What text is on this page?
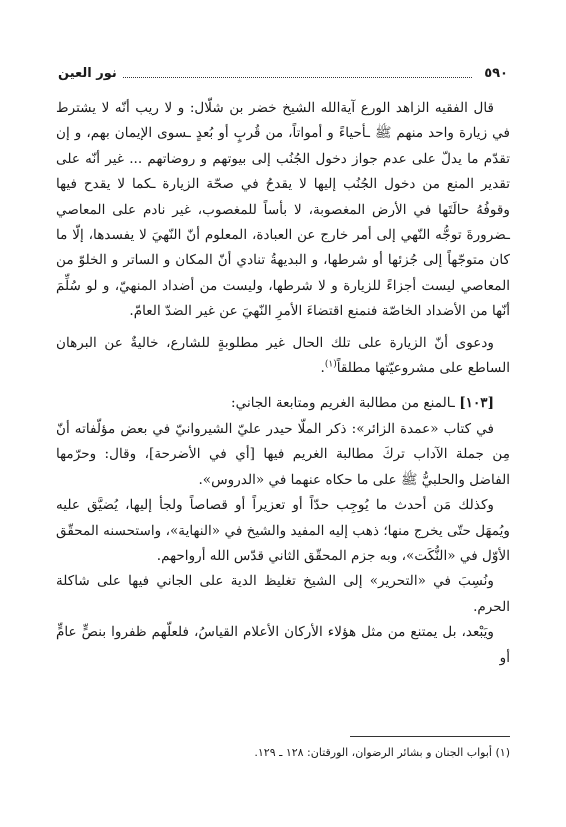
٥٩٠
نور العين

قال الفقيه الزاهد الورع آية‌الله الشيخ خضر بن شلّال: و لا ريب أنّه لا يشترط في زيارة واحد منهم ﷺ ـأحياءً و أمواتاً، من قُربٍ أو بُعدٍ ـسوى الإيمان بهم، و إن تقدّم ما يدلّ على عدم جواز دخول الجُنُب إلى بيوتهم و روضاتهم ... غير أنّه على تقدير المنع من دخول الجُنُب إليها لا يقدحُ في صحّة الزيارة ـكما لا يقدح فيها وقوفُهُ حالَتَها في الأرض المغصوبة، لا بأساً للمغصوب، غير نادم على المعاصي ـضرورةَ توجُّه النّهي إلى أمر خارج عن العبادة، المعلوم أنّ النّهيَ لا يفسدها، إلّا ما كان متوجّهاً إلى جُزئها أو شرطها، و البديهةُ تنادي أنّ المكان و الساتر و الخلوّ من المعاصي ليست أجزاءً للزيارة و لا شرطها، وليست من أضداد المنهيّ، و لو سُلِّمَ أنّها من الأضداد الخاصّة فنمنع اقتضاءَ الأمرِ النّهيَ عن غير الضدّ العامّ.

ودعوى أنّ الزيارة على تلك الحال غير مطلوبةٍ للشارع، خاليةٌ عن البرهان الساطع على مشروعيّتها مطلقاً$^{(١)}$.

[١٠٣] ـالمنع من مطالبة الغريم ومتابعة الجاني:

في كتاب «عمدة الزائر»: ذكر الملّا حيدر عليّ الشيروانيّ في بعض مؤلّفاته أنّ مِن جملة الآداب تركَ مطالبة الغريم فيها [أي في الأضرحة]، وقال: وحرّمها الفاضل والحلبيُّ ﷺ على ما حكاه عنهما في «الدروس».

وكذلك مَن أحدث ما يُوجِب حدّاً أو تعزيراً أو قصاصاً ولجأ إليها، يُضيَّق عليه ويُمهَل حتّى يخرج منها؛ ذهب إليه المفيد والشيخ في «النهاية»، واستحسنه المحقّق الأوّل في «النُّكَت»، وبه جزم المحقّق الثاني قدّس الله أرواحهم.

ونُسِبَ في «التحرير» إلى الشيخ تغليظ الدية على الجاني فيها على شاكلة الحرم.

ويَبْعد، بل يمتنع من مثل هؤلاء الأركان الأعلام القياسُ، فلعلّهم ظفروا بنصٍّ عامٍّ أو

(١) أبواب الجنان و بشائر الرضوان، الورقتان: ١٢٨ ـ ١٢٩.
